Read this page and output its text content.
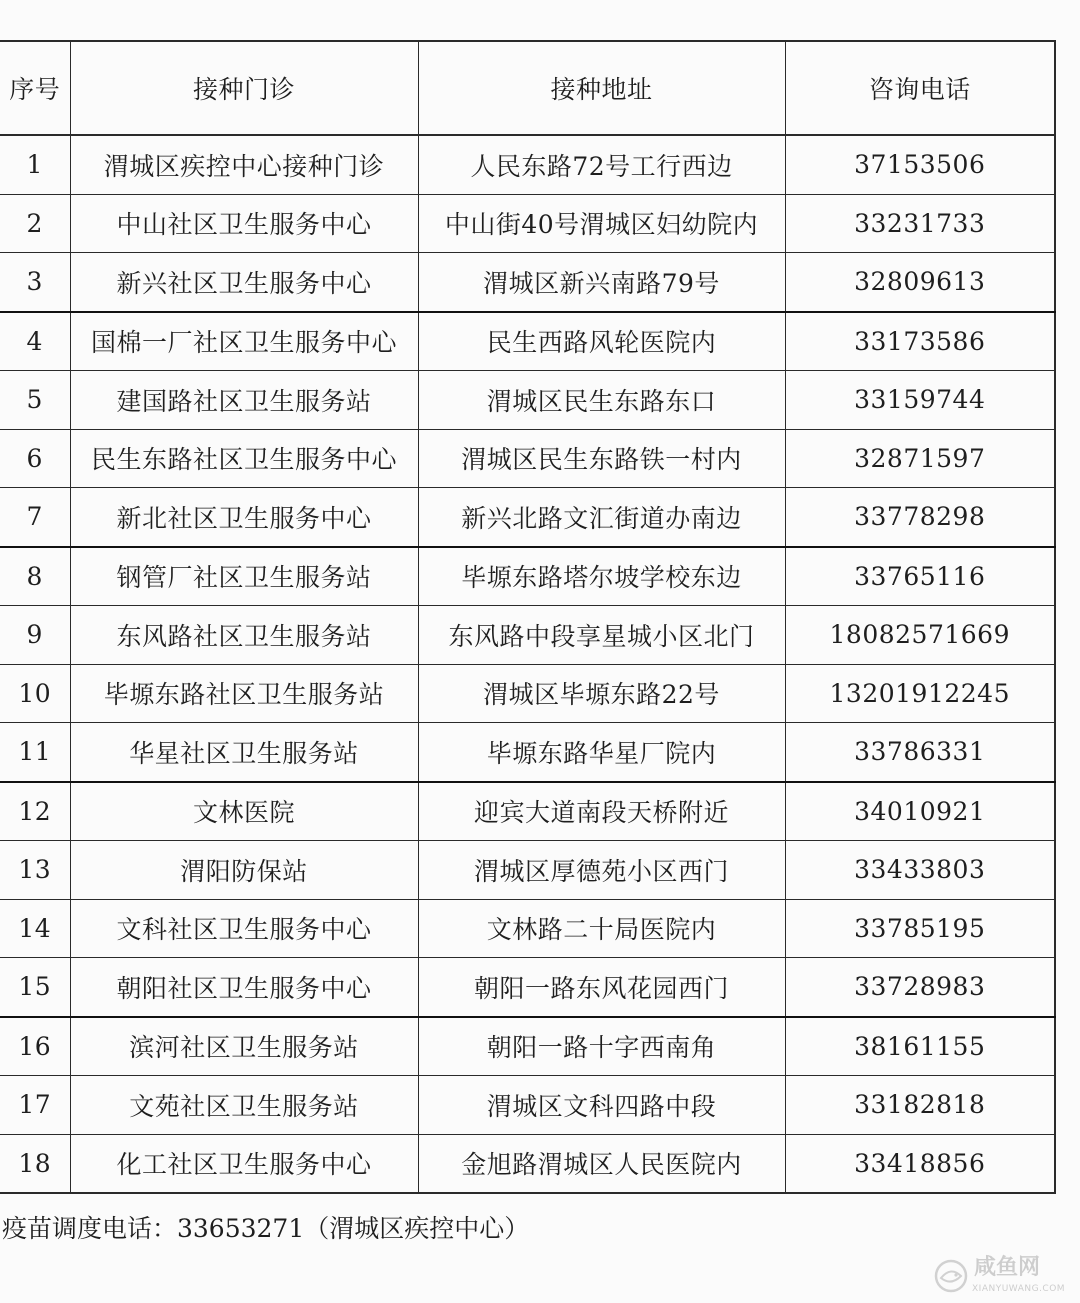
序号	接种门诊	接种地址	咨询电话
1	渭城区疾控中心接种门诊	人民东路72号工行西边	37153506
2	中山社区卫生服务中心	中山街40号渭城区妇幼院内	33231733
3	新兴社区卫生服务中心	渭城区新兴南路79号	32809613
4	国棉一厂社区卫生服务中心	民生西路风轮医院内	33173586
5	建国路社区卫生服务站	渭城区民生东路东口	33159744
6	民生东路社区卫生服务中心	渭城区民生东路铁一村内	32871597
7	新北社区卫生服务中心	新兴北路文汇街道办南边	33778298
8	钢管厂社区卫生服务站	毕塬东路塔尔坡学校东边	33765116
9	东风路社区卫生服务站	东风路中段享星城小区北门	18082571669
10	毕塬东路社区卫生服务站	渭城区毕塬东路22号	13201912245
11	华星社区卫生服务站	毕塬东路华星厂院内	33786331
12	文林医院	迎宾大道南段天桥附近	34010921
13	渭阳防保站	渭城区厚德苑小区西门	33433803
14	文科社区卫生服务中心	文林路二十局医院内	33785195
15	朝阳社区卫生服务中心	朝阳一路东风花园西门	33728983
16	滨河社区卫生服务站	朝阳一路十字西南角	38161155
17	文苑社区卫生服务站	渭城区文科四路中段	33182818
18	化工社区卫生服务中心	金旭路渭城区人民医院内	33418856
疫苗调度电话：33653271（渭城区疾控中心）
咸鱼网
XIANYUWANG.COM
